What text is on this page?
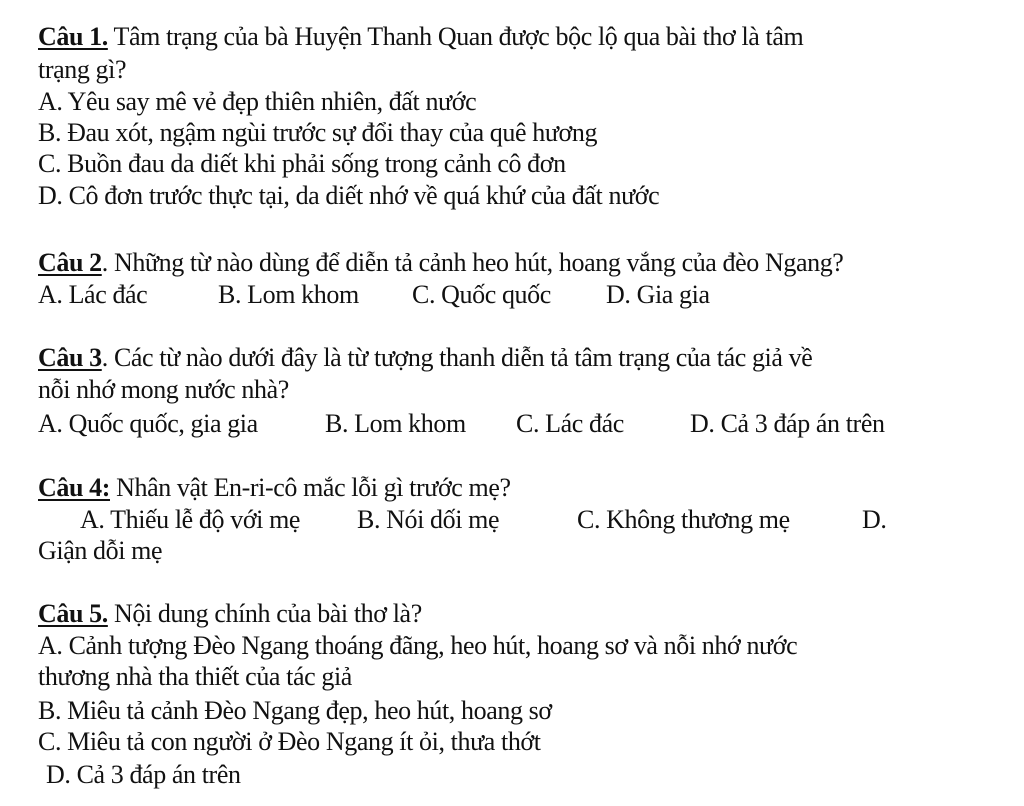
Câu 1. Tâm trạng của bà Huyện Thanh Quan được bộc lộ qua bài thơ là tâm
trạng gì?
A. Yêu say mê vẻ đẹp thiên nhiên, đất nước
B. Đau xót, ngậm ngùi trước sự đổi thay của quê hương
C. Buồn đau da diết khi phải sống trong cảnh cô đơn
D. Cô đơn trước thực tại, da diết nhớ về quá khứ của đất nước
Câu 2. Những từ nào dùng để diễn tả cảnh heo hút, hoang vắng của đèo Ngang?
A. Lác đác	B. Lom khom C. Quốc quốc D. Gia gia
Câu 3. Các từ nào dưới đây là từ tượng thanh diễn tả tâm trạng của tác giả về
nỗi nhớ mong nước nhà?
A. Quốc quốc, gia gia	B. Lom khom C. Lác đác	D. Cả 3 đáp án trên
Câu 4: Nhân vật En-ri-cô mắc lỗi gì trước mẹ?
A. Thiếu lễ độ với mẹ B. Nói dối mẹ	C. Không thương mẹ	D.
Giận dỗi mẹ
Câu 5. Nội dung chính của bài thơ là?
A. Cảnh tượng Đèo Ngang thoáng đãng, heo hút, hoang sơ và nỗi nhớ nước
thương nhà tha thiết của tác giả
B. Miêu tả cảnh Đèo Ngang đẹp, heo hút, hoang sơ
C. Miêu tả con người ở Đèo Ngang ít ỏi, thưa thớt
D. Cả 3 đáp án trên
